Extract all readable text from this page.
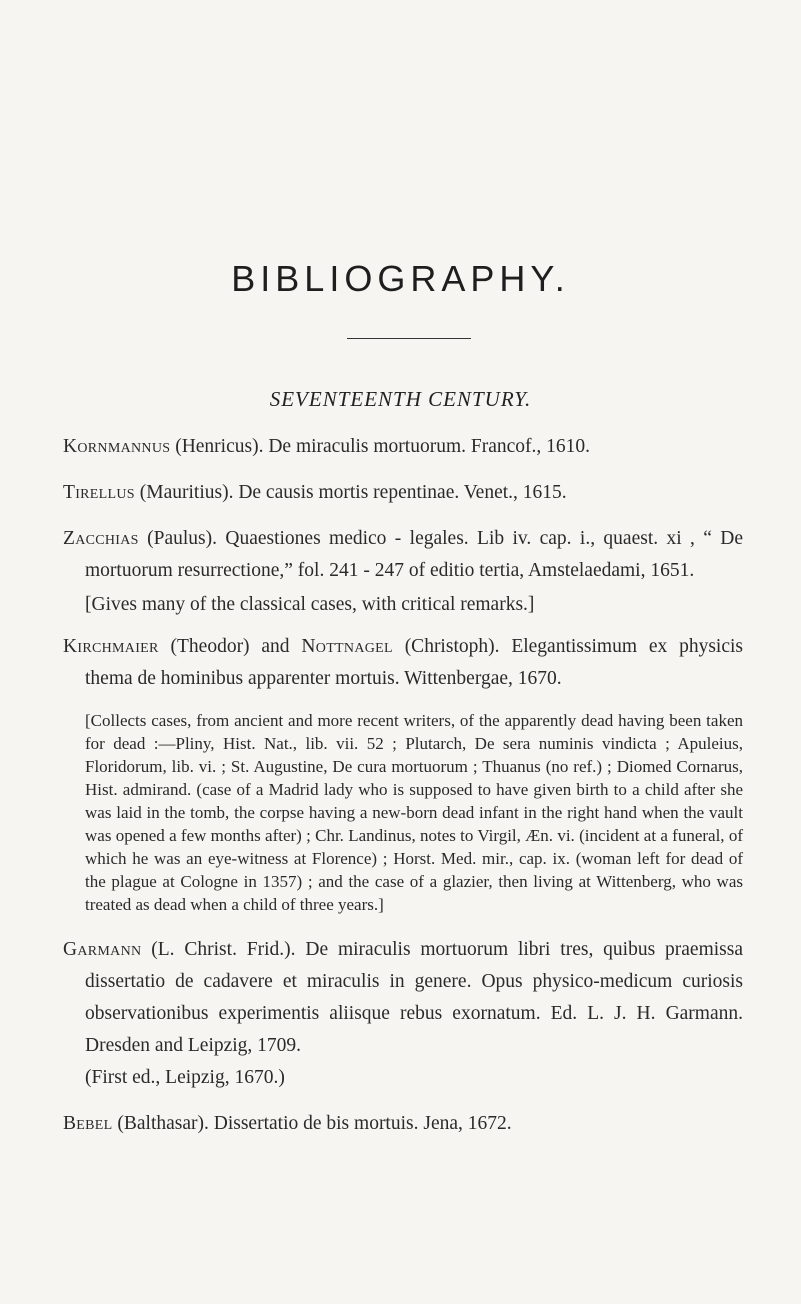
BIBLIOGRAPHY.
SEVENTEENTH CENTURY.

Kornmannus (Henricus). De miraculis mortuorum. Francof., 1610.

Tirellus (Mauritius). De causis mortis repentinae. Venet., 1615.

Zacchias (Paulus). Quaestiones medico - legales. Lib iv. cap. i., quaest. xi , “ De mortuorum resurrectione,” fol. 241 - 247 of editio tertia, Amstelaedami, 1651.

[Gives many of the classical cases, with critical remarks.]

Kirchmaier (Theodor) and Nottnagel (Christoph). Elegantissimum ex physicis thema de hominibus apparenter mortuis. Wittenbergae, 1670.

[Collects cases, from ancient and more recent writers, of the apparently dead having been taken for dead :—Pliny, Hist. Nat., lib. vii. 52 ; Plutarch, De sera numinis vindicta ; Apuleius, Floridorum, lib. vi. ; St. Augustine, De cura mortuorum ; Thuanus (no ref.) ; Diomed Cornarus, Hist. admirand. (case of a Madrid lady who is supposed to have given birth to a child after she was laid in the tomb, the corpse having a new-born dead infant in the right hand when the vault was opened a few months after) ; Chr. Landinus, notes to Virgil, Æn. vi. (incident at a funeral, of which he was an eye-witness at Florence) ; Horst. Med. mir., cap. ix. (woman left for dead of the plague at Cologne in 1357) ; and the case of a glazier, then living at Wittenberg, who was treated as dead when a child of three years.]

Garmann (L. Christ. Frid.). De miraculis mortuorum libri tres, quibus praemissa dissertatio de cadavere et miraculis in genere. Opus physico-medicum curiosis observationibus experimentis aliisque rebus exornatum. Ed. L. J. H. Garmann. Dresden and Leipzig, 1709.
(First ed., Leipzig, 1670.)

Bebel (Balthasar). Dissertatio de bis mortuis. Jena, 1672.
